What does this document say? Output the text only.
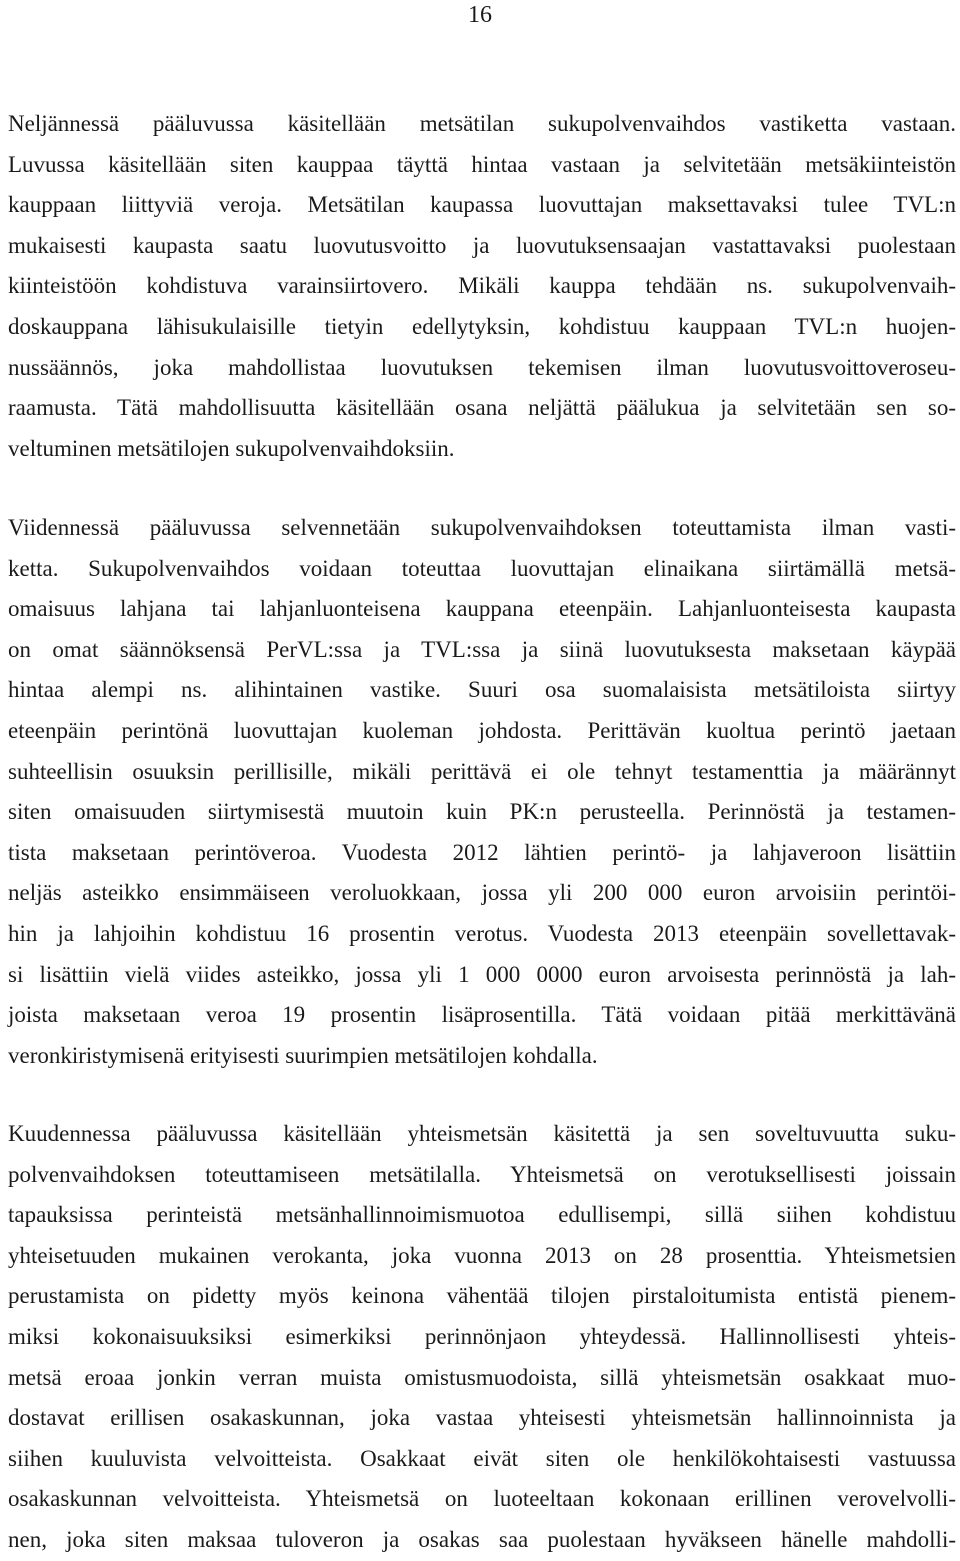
16
Neljännessä pääluvussa käsitellään metsätilan sukupolvenvaihdos vastiketta vastaan.
Luvussa käsitellään siten kauppaa täyttä hintaa vastaan ja selvitetään metsäkiinteistön
kauppaan liittyviä veroja. Metsätilan kaupassa luovuttajan maksettavaksi tulee TVL:n
mukaisesti kaupasta saatu luovutusvoitto ja luovutuksensaajan vastattavaksi puolestaan
kiinteistöön kohdistuva varainsiirtovero. Mikäli kauppa tehdään ns. sukupolvenvaih-
doskauppana lähisukulaisille tietyin edellytyksin, kohdistuu kauppaan TVL:n huojen-
nussäännös, joka mahdollistaa luovutuksen tekemisen ilman luovutusvoittoveroseu-
raamusta. Tätä mahdollisuutta käsitellään osana neljättä päälukua ja selvitetään sen so-
veltuminen metsätilojen sukupolvenvaihdoksiin.
Viidennessä pääluvussa selvennetään sukupolvenvaihdoksen toteuttamista ilman vasti-
ketta. Sukupolvenvaihdos voidaan toteuttaa luovuttajan elinaikana siirtämällä metsä-
omaisuus lahjana tai lahjanluonteisena kauppana eteenpäin. Lahjanluonteisesta kaupasta
on omat säännöksensä PerVL:ssa ja TVL:ssa ja siinä luovutuksesta maksetaan käypää
hintaa alempi ns. alihintainen vastike. Suuri osa suomalaisista metsätiloista siirtyy
eteenpäin perintönä luovuttajan kuoleman johdosta. Perittävän kuoltua perintö jaetaan
suhteellisin osuuksin perillisille, mikäli perittävä ei ole tehnyt testamenttia ja määrännyt
siten omaisuuden siirtymisestä muutoin kuin PK:n perusteella. Perinnöstä ja testamen-
tista maksetaan perintöveroa. Vuodesta 2012 lähtien perintö- ja lahjaveroon lisättiin
neljäs asteikko ensimmäiseen veroluokkaan, jossa yli 200 000 euron arvoisiin perintöi-
hin ja lahjoihin kohdistuu 16 prosentin verotus. Vuodesta 2013 eteenpäin sovellettavak-
si lisättiin vielä viides asteikko, jossa yli 1 000 0000 euron arvoisesta perinnöstä ja lah-
joista maksetaan veroa 19 prosentin lisäprosentilla. Tätä voidaan pitää merkittävänä
veronkiristymisenä erityisesti suurimpien metsätilojen kohdalla.
Kuudennessa pääluvussa käsitellään yhteismetsän käsitettä ja sen soveltuvuutta suku-
polvenvaihdoksen toteuttamiseen metsätilalla. Yhteismetsä on verotuksellisesti joissain
tapauksissa perinteistä metsänhallinnoimismuotoa edullisempi, sillä siihen kohdistuu
yhteisetuuden mukainen verokanta, joka vuonna 2013 on 28 prosenttia. Yhteismetsien
perustamista on pidetty myös keinona vähentää tilojen pirstaloitumista entistä pienem-
miksi kokonaisuuksiksi esimerkiksi perinnönjaon yhteydessä. Hallinnollisesti yhteis-
metsä eroaa jonkin verran muista omistusmuodoista, sillä yhteismetsän osakkaat muo-
dostavat erillisen osakaskunnan, joka vastaa yhteisesti yhteismetsän hallinnoinnista ja
siihen kuuluvista velvoitteista. Osakkaat eivät siten ole henkilökohtaisesti vastuussa
osakaskunnan velvoitteista. Yhteismetsä on luoteeltaan kokonaan erillinen verovelvolli-
nen, joka siten maksaa tuloveron ja osakas saa puolestaan hyväkseen hänelle mahdolli-
